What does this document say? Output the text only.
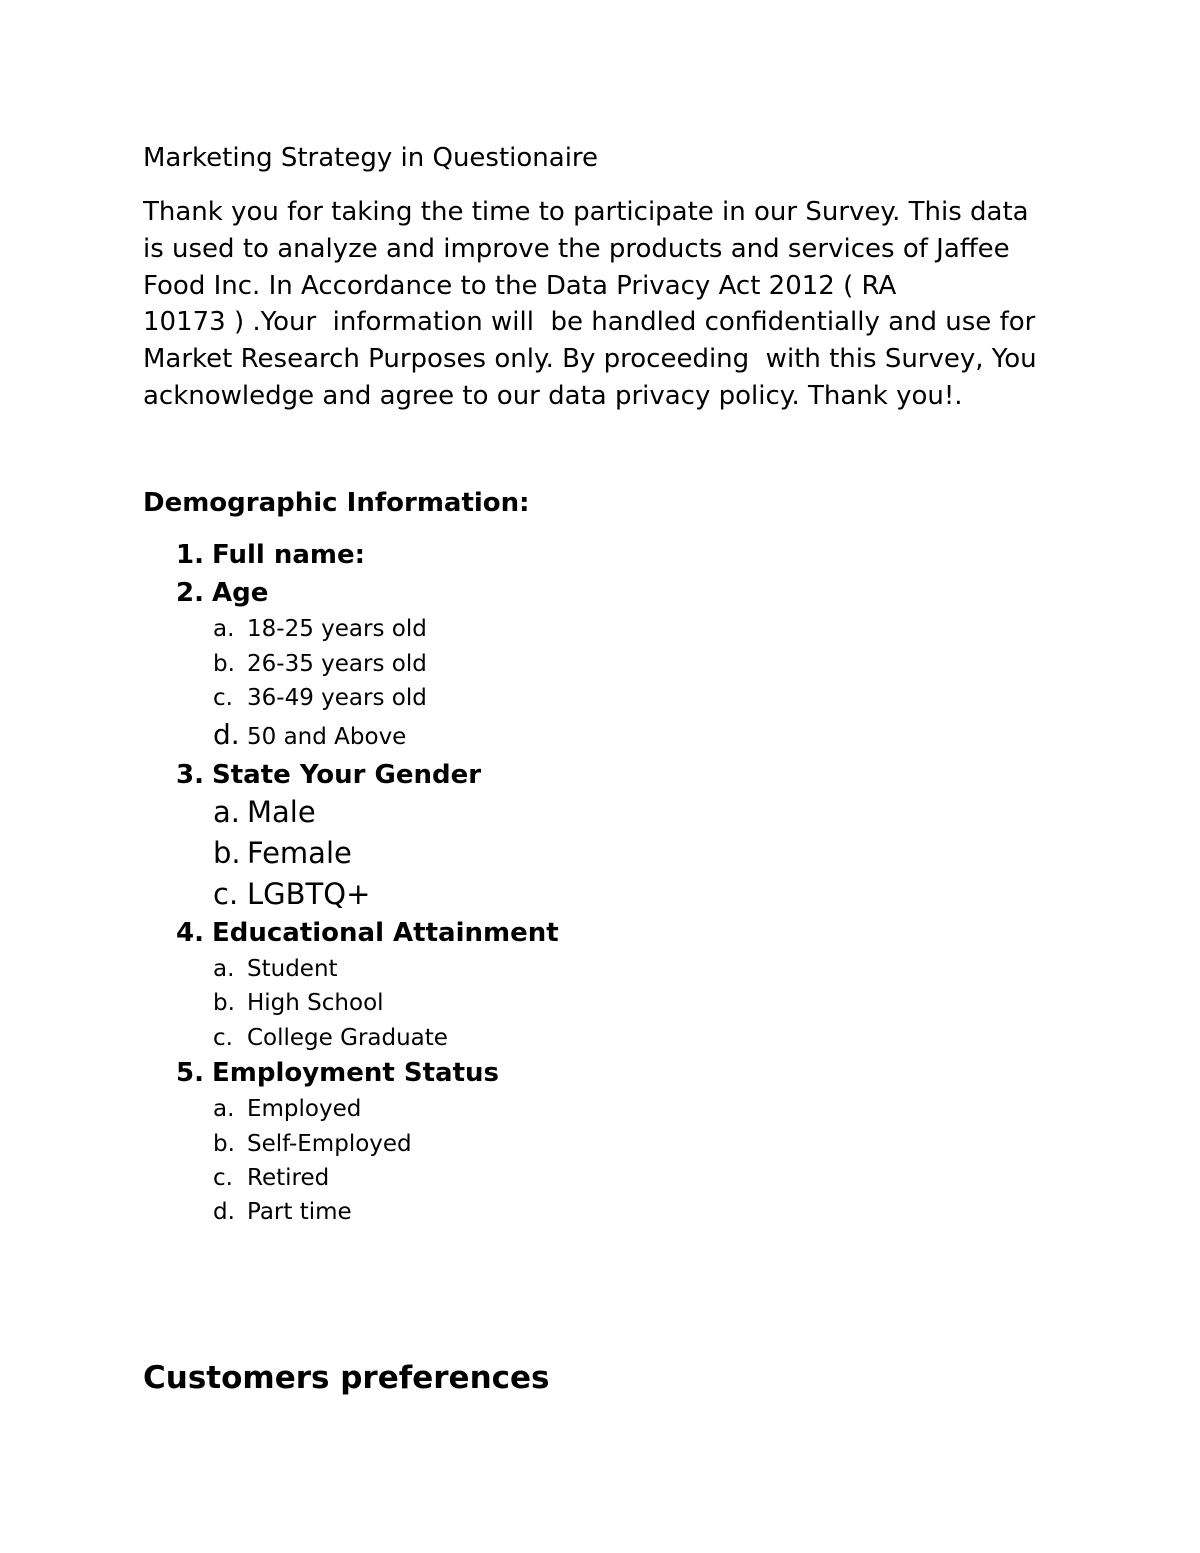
Marketing Strategy in Questionaire
Thank you for taking the time to participate in our Survey. This data
is used to analyze and improve the products and services of Jaffee
Food Inc. In Accordance to the Data Privacy Act 2012 ( RA
10173 ) .Your  information will  be handled confidentially and use for
Market Research Purposes only. By proceeding  with this Survey, You
acknowledge and agree to our data privacy policy. Thank you!.
Demographic Information:
1. Full name:
2. Age
a. 18-25 years old
b. 26-35 years old
c. 36-49 years old
d. 50 and Above
3. State Your Gender
a. Male
b. Female
c. LGBTQ+
4. Educational Attainment
a. Student
b. High School
c. College Graduate
5. Employment Status
a. Employed
b. Self-Employed
c. Retired
d. Part time
Customers preferences
